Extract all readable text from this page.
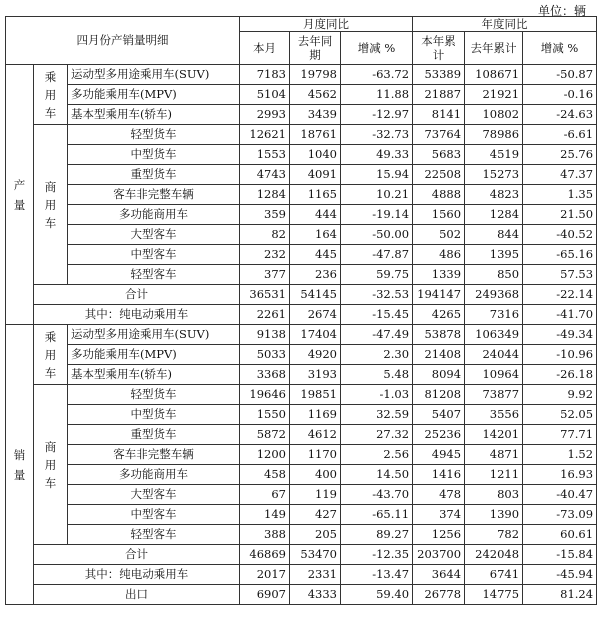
单位：辆
四月份产销量明细			月度同比			年度同比		
			本月	去年同期	增减 %	本年累计	去年累计	增减 %
产量	乘用车	运动型多用途乘用车(SUV)	7183	19798	-63.72	53389	108671	-50.87
		多功能乘用车(MPV)	5104	4562	11.88	21887	21921	-0.16
		基本型乘用车(轿车)	2993	3439	-12.97	8141	10802	-24.63
	商用车	轻型货车	12621	18761	-32.73	73764	78986	-6.61
		中型货车	1553	1040	49.33	5683	4519	25.76
		重型货车	4743	4091	15.94	22508	15273	47.37
		客车非完整车辆	1284	1165	10.21	4888	4823	1.35
		多功能商用车	359	444	-19.14	1560	1284	21.50
		大型客车	82	164	-50.00	502	844	-40.52
		中型客车	232	445	-47.87	486	1395	-65.16
		轻型客车	377	236	59.75	1339	850	57.53
	合计		36531	54145	-32.53	194147	249368	-22.14
	其中：纯电动乘用车		2261	2674	-15.45	4265	7316	-41.70
销量	乘用车	运动型多用途乘用车(SUV)	9138	17404	-47.49	53878	106349	-49.34
		多功能乘用车(MPV)	5033	4920	2.30	21408	24044	-10.96
		基本型乘用车(轿车)	3368	3193	5.48	8094	10964	-26.18
	商用车	轻型货车	19646	19851	-1.03	81208	73877	9.92
		中型货车	1550	1169	32.59	5407	3556	52.05
		重型货车	5872	4612	27.32	25236	14201	77.71
		客车非完整车辆	1200	1170	2.56	4945	4871	1.52
		多功能商用车	458	400	14.50	1416	1211	16.93
		大型客车	67	119	-43.70	478	803	-40.47
		中型客车	149	427	-65.11	374	1390	-73.09
		轻型客车	388	205	89.27	1256	782	60.61
	合计		46869	53470	-12.35	203700	242048	-15.84
	其中：纯电动乘用车		2017	2331	-13.47	3644	6741	-45.94
	出口		6907	4333	59.40	26778	14775	81.24
